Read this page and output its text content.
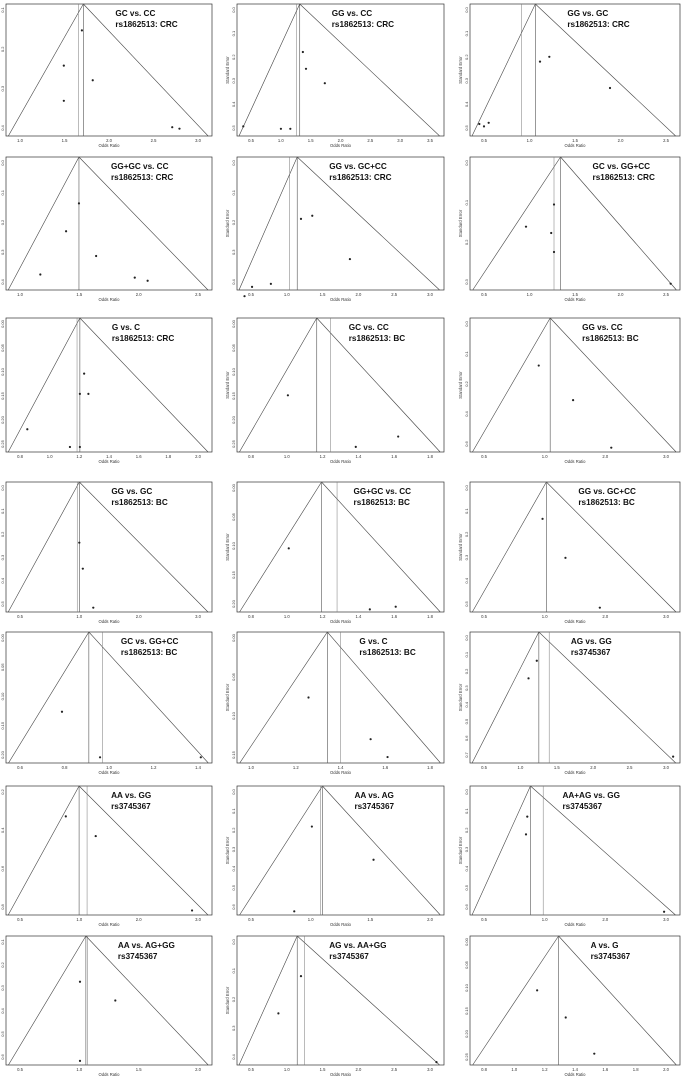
1.0	1.5	2.0	2.5	3.0
0.1
0.2
0.3
0.4
Odds Ratio
GC vs. CC
rs1862513: CRC
0.5	1.0	1.5	2.0	2.5	3.0	3.5
0.0
0.1
0.2
0.3
0.4
0.5
Odds Ratio
Standard Error
GG vs. CC
rs1862513: CRC
0.5	1.0	1.5	2.0	2.5
0.0
0.1
0.2
0.3
0.4
0.5
Odds Ratio
Standard Error
GG vs. GC
rs1862513: CRC
1.0	1.5	2.0	2.5
0.0
0.1
0.2
0.3
0.4
Odds Ratio
GG+GC vs. CC
rs1862513: CRC
0.5	1.0	1.5	2.0	2.5	3.0
0.0
0.1
0.2
0.3
0.4
Odds Ratio
Standard Error
GG vs. GC+CC
rs1862513: CRC
0.5	1.0	1.5	2.0	2.5
0.0
0.1
0.2
0.3
Odds Ratio
Standard Error
GC vs. GG+CC
rs1862513: CRC
0.8	1.0	1.2	1.4	1.6	1.8	2.0
0.00
0.05
0.10
0.15
0.20
0.25
Odds Ratio
G vs. C
rs1862513: CRC
0.8	1.0	1.2	1.4	1.6	1.8
0.00
0.05
0.10
0.15
0.20
0.25
Odds Ratio
Standard Error
GC vs. CC
rs1862513: BC
0.5	1.0	2.0	3.0
0.0
0.1
0.2
0.4
0.6
Odds Ratio
Standard Error
GG vs. CC
rs1862513: BC
0.5	1.0	2.0	3.0
0.0
0.1
0.2
0.3
0.4
0.5
Odds Ratio
GG vs. GC
rs1862513: BC
0.8	1.0	1.2	1.4	1.6	1.8
0.00
0.05
0.10
0.15
0.20
Odds Ratio
Standard Error
GG+GC vs. CC
rs1862513: BC
0.5	1.0	2.0	3.0
0.0
0.1
0.2
0.3
0.4
0.5
Odds Ratio
Standard Error
GG vs. GC+CC
rs1862513: BC
0.6	0.8	1.0	1.2	1.4
0.00
0.05
0.10
0.15
0.20
Odds Ratio
GC vs. GG+CC
rs1862513: BC
1.0	1.2	1.4	1.6	1.8
0.00
0.05
0.10
0.15
Odds Ratio
Standard Error
G vs. C
rs1862513: BC
0.5	1.0	1.5	2.0	2.5	3.0
0.0
0.1
0.2
0.3
0.4
0.5
0.6
0.7
Odds Ratio
Standard Error
AG vs. GG
rs3745367
0.5	1.0	2.0	3.0
0.2
0.4
0.6
0.8
Odds Ratio
AA vs. GG
rs3745367
0.5	1.0	1.5	2.0
0.0
0.1
0.2
0.3
0.4
0.5
0.6
Odds Ratio
Standard Error
AA vs. AG
rs3745367
0.5	1.0	2.0	3.0
0.0
0.1
0.2
0.3
0.4
0.5
0.6
Odds Ratio
Standard Error
AA+AG vs. GG
rs3745367
0.5	1.0	1.5	2.0
0.1
0.2
0.3
0.4
0.5
0.6
Odds Ratio
AA vs. AG+GG
rs3745367
0.5	1.0	1.5	2.0	2.5	3.0
0.0
0.1
0.2
0.3
0.4
Odds Ratio
Standard Error
AG vs. AA+GG
rs3745367
0.8	1.0	1.2	1.4	1.6	1.8	2.0
0.00
0.05
0.10
0.15
0.20
0.25
Odds Ratio
A vs. G
rs3745367
